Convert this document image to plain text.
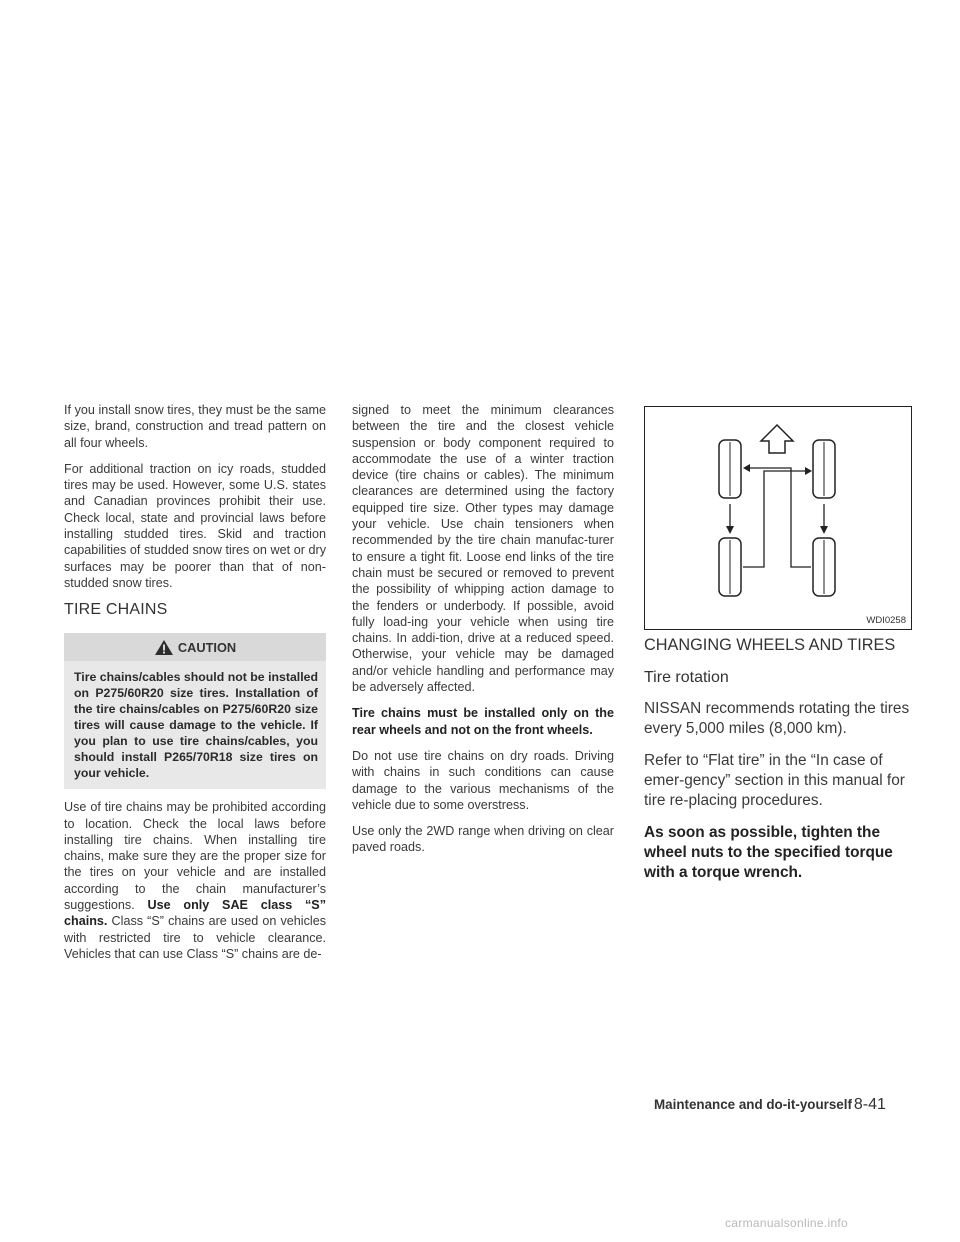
If you install snow tires, they must be the same size, brand, construction and tread pattern on all four wheels.

For additional traction on icy roads, studded tires may be used. However, some U.S. states and Canadian provinces prohibit their use. Check local, state and provincial laws before installing studded tires. Skid and traction capabilities of studded snow tires on wet or dry surfaces may be poorer than that of non-studded snow tires.

TIRE CHAINS
CAUTION
Tire chains/cables should not be installed on P275/60R20 size tires. Installation of the tire chains/cables on P275/60R20 size tires will cause damage to the vehicle. If you plan to use tire chains/cables, you should install P265/70R18 size tires on your vehicle.

Use of tire chains may be prohibited according to location. Check the local laws before installing tire chains. When installing tire chains, make sure they are the proper size for the tires on your vehicle and are installed according to the chain manufacturer’s suggestions. Use only SAE class “S” chains. Class “S” chains are used on vehicles with restricted tire to vehicle clearance. Vehicles that can use Class “S” chains are de-

signed to meet the minimum clearances between the tire and the closest vehicle suspension or body component required to accommodate the use of a winter traction device (tire chains or cables). The minimum clearances are determined using the factory equipped tire size. Other types may damage your vehicle. Use chain tensioners when recommended by the tire chain manufac-turer to ensure a tight fit. Loose end links of the tire chain must be secured or removed to prevent the possibility of whipping action damage to the fenders or underbody. If possible, avoid fully load-ing your vehicle when using tire chains. In addi-tion, drive at a reduced speed. Otherwise, your vehicle may be damaged and/or vehicle handling and performance may be adversely affected.

Tire chains must be installed only on the rear wheels and not on the front wheels.

Do not use tire chains on dry roads. Driving with chains in such conditions can cause damage to the various mechanisms of the vehicle due to some overstress.

Use only the 2WD range when driving on clear paved roads.

WDI0258
CHANGING WHEELS AND TIRES
Tire rotation

NISSAN recommends rotating the tires every 5,000 miles (8,000 km).

Refer to “Flat tire” in the “In case of emer-gency” section in this manual for tire re-placing procedures.

As soon as possible, tighten the wheel nuts to the specified torque with a torque wrench.

Maintenance and do-it-yourself 8-41
carmanualsonline.info
